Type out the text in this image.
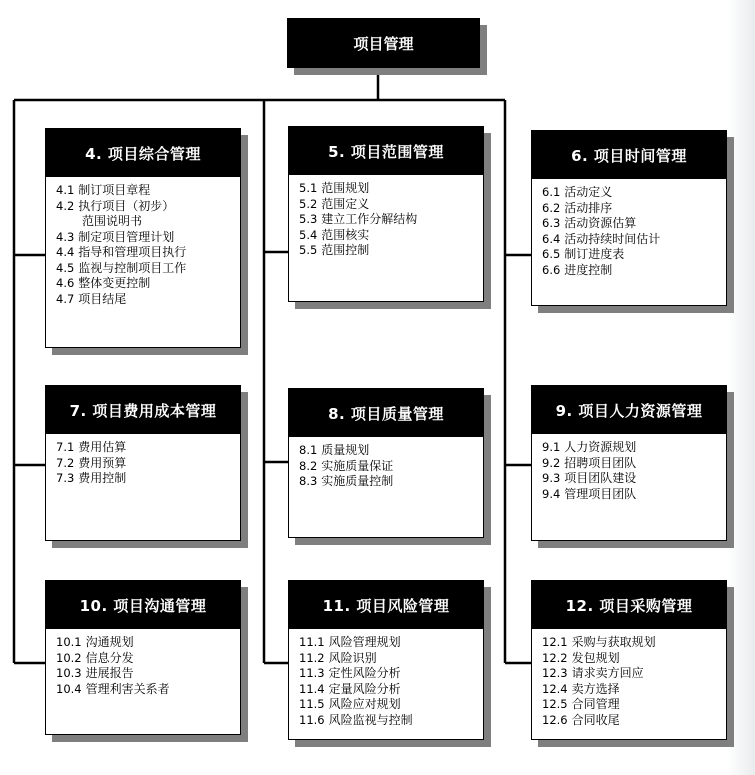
项目管理
4. 项目综合管理
4.1 制订项目章程
4.2 执行项目（初步）
范围说明书
4.3 制定项目管理计划
4.4 指导和管理项目执行
4.5 监视与控制项目工作
4.6 整体变更控制
4.7 项目结尾
5. 项目范围管理
5.1 范围规划
5.2 范围定义
5.3 建立工作分解结构
5.4 范围核实
5.5 范围控制
6. 项目时间管理
6.1 活动定义
6.2 活动排序
6.3 活动资源估算
6.4 活动持续时间估计
6.5 制订进度表
6.6 进度控制
7. 项目费用成本管理
7.1 费用估算
7.2 费用预算
7.3 费用控制
8. 项目质量管理
8.1 质量规划
8.2 实施质量保证
8.3 实施质量控制
9. 项目人力资源管理
9.1 人力资源规划
9.2 招聘项目团队
9.3 项目团队建设
9.4 管理项目团队
10. 项目沟通管理
10.1 沟通规划
10.2 信息分发
10.3 进展报告
10.4 管理利害关系者
11. 项目风险管理
11.1 风险管理规划
11.2 风险识别
11.3 定性风险分析
11.4 定量风险分析
11.5 风险应对规划
11.6 风险监视与控制
12. 项目采购管理
12.1 采购与获取规划
12.2 发包规划
12.3 请求卖方回应
12.4 卖方选择
12.5 合同管理
12.6 合同收尾
